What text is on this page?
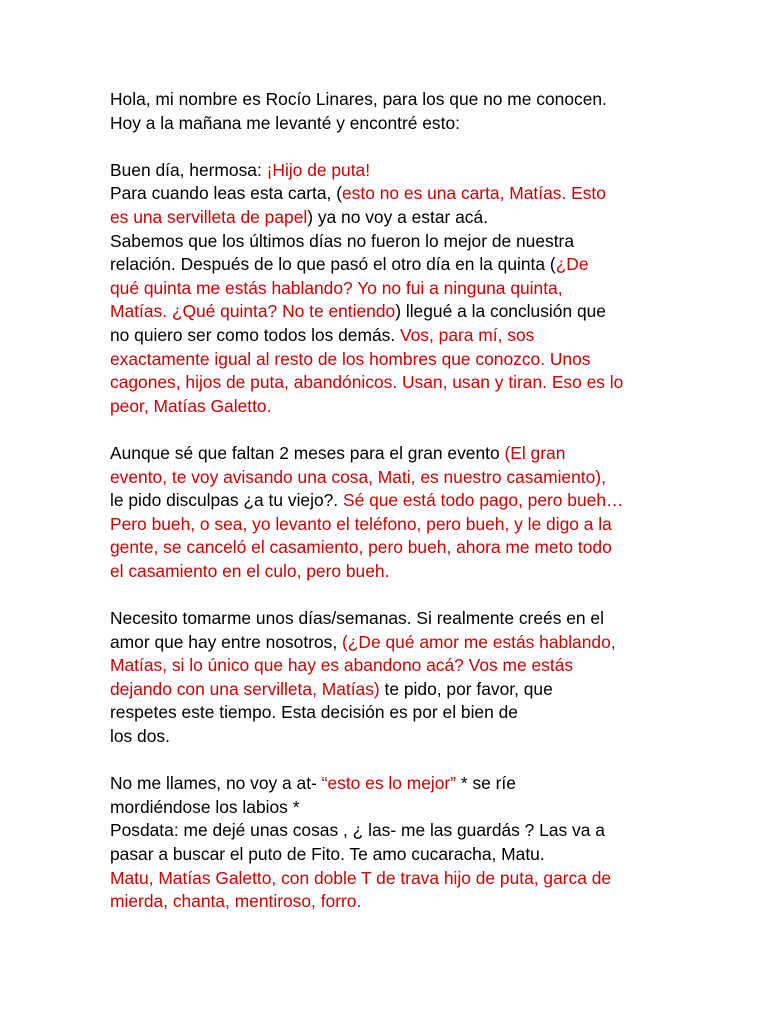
Hola, mi nombre es Rocío Linares, para los que no me conocen.
Hoy a la mañana me levanté y encontré esto:
Buen día, hermosa: ¡Hijo de puta!
Para cuando leas esta carta, (esto no es una carta, Matías. Esto
es una servilleta de papel) ya no voy a estar acá.
Sabemos que los últimos días no fueron lo mejor de nuestra
relación. Después de lo que pasó el otro día en la quinta (¿De
qué quinta me estás hablando? Yo no fui a ninguna quinta,
Matías. ¿Qué quinta? No te entiendo) llegué a la conclusión que
no quiero ser como todos los demás. Vos, para mí, sos
exactamente igual al resto de los hombres que conozco. Unos
cagones, hijos de puta, abandónicos. Usan, usan y tiran. Eso es lo
peor, Matías Galetto.
Aunque sé que faltan 2 meses para el gran evento (El gran
evento, te voy avisando una cosa, Mati, es nuestro casamiento),
le pido disculpas ¿a tu viejo?. Sé que está todo pago, pero bueh…
Pero bueh, o sea, yo levanto el teléfono, pero bueh, y le digo a la
gente, se canceló el casamiento, pero bueh, ahora me meto todo
el casamiento en el culo, pero bueh.
Necesito tomarme unos días/semanas. Si realmente creés en el
amor que hay entre nosotros, (¿De qué amor me estás hablando,
Matías, si lo único que hay es abandono acá? Vos me estás
dejando con una servilleta, Matías) te pido, por favor, que
respetes este tiempo. Esta decisión es por el bien de
los dos.
No me llames, no voy a at- “esto es lo mejor” * se ríe
mordiéndose los labios *
Posdata: me dejé unas cosas , ¿ las- me las guardás ? Las va a
pasar a buscar el puto de Fito. Te amo cucaracha, Matu.
Matu, Matías Galetto, con doble T de trava hijo de puta, garca de
mierda, chanta, mentiroso, forro.
